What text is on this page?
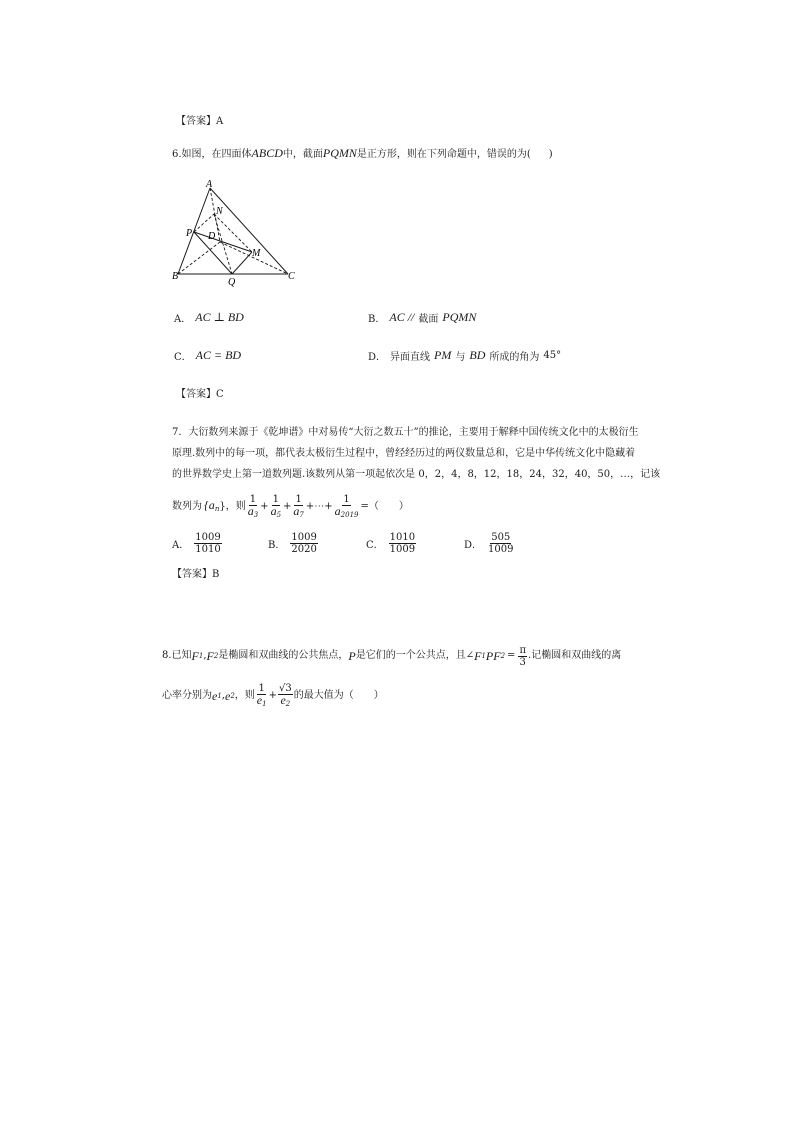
【答案】A
6.如图，在四面体ABCD中，截面PQMN是正方形，则在下列命题中，错误的为( )
A
N
P D
M
B
Q
C
A． AC ⊥ BD	B． AC // 截面 PQMN
C． AC = BD	D． 异面直线 PM 与 BD 所成的角为 45°
【答案】C
7．大衍数列来源于《乾坤谱》中对易传“大衍之数五十”的推论，主要用于解释中国传统文化中的太极衍生
原理.数列中的每一项，都代表太极衍生过程中，曾经经历过的两仪数量总和，它是中华传统文化中隐藏着
的世界数学史上第一道数列题.该数列从第一项起依次是 0，2，4，8，12，18，24，32，40，50，…，记该
数列为 $\{a_n\}$ ，则 $\frac{1}{a_3} + \frac{1}{a_5} + \frac{1}{a_7}$ +⋯+ $\frac{1}{a_{2019}}$ =（　　）
A． $\frac{1009}{1010}$	B． $\frac{1009}{2020}$	C． $\frac{1010}{1009}$	D． $\frac{505}{1009}$
【答案】B
8.已知 F 1 , F 2 是椭圆和双曲线的公共焦点， P 是它们的一个公共点，且∠ F 1 PF $2 = \frac{\pi}{3}$ .记椭圆和双曲线的离
心率分别为 e 1 , e 2 ，则 $\frac{1}{e_1} + \frac{√3}{e_2}$ 的最大值为（　　）
